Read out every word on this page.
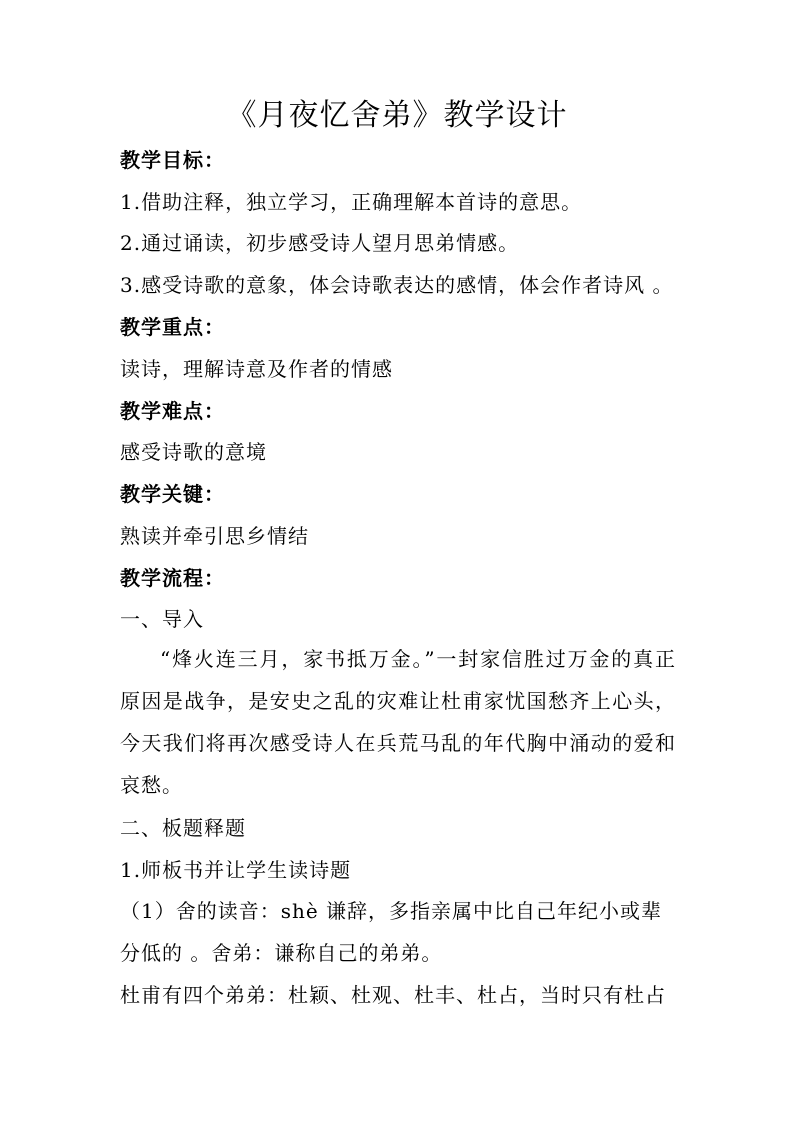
《月夜忆舍弟》教学设计
教学目标：
1.借助注释，独立学习，正确理解本首诗的意思。
2.通过诵读，初步感受诗人望月思弟情感。
3.感受诗歌的意象，体会诗歌表达的感情，体会作者诗风 。
教学重点：
读诗，理解诗意及作者的情感
教学难点：
感受诗歌的意境
教学关键：
熟读并牵引思乡情结
教学流程：
一、导入
“烽火连三月，家书抵万金。”一封家信胜过万金的真正原因是战争，是安史之乱的灾难让杜甫家忧国愁齐上心头，今天我们将再次感受诗人在兵荒马乱的年代胸中涌动的爱和哀愁。
二、板题释题
1.师板书并让学生读诗题
（1）舍的读音：shè 谦辞，多指亲属中比自己年纪小或辈
分低的 。舍弟：谦称自己的弟弟。
杜甫有四个弟弟：杜颖、杜观、杜丰、杜占，当时只有杜占
